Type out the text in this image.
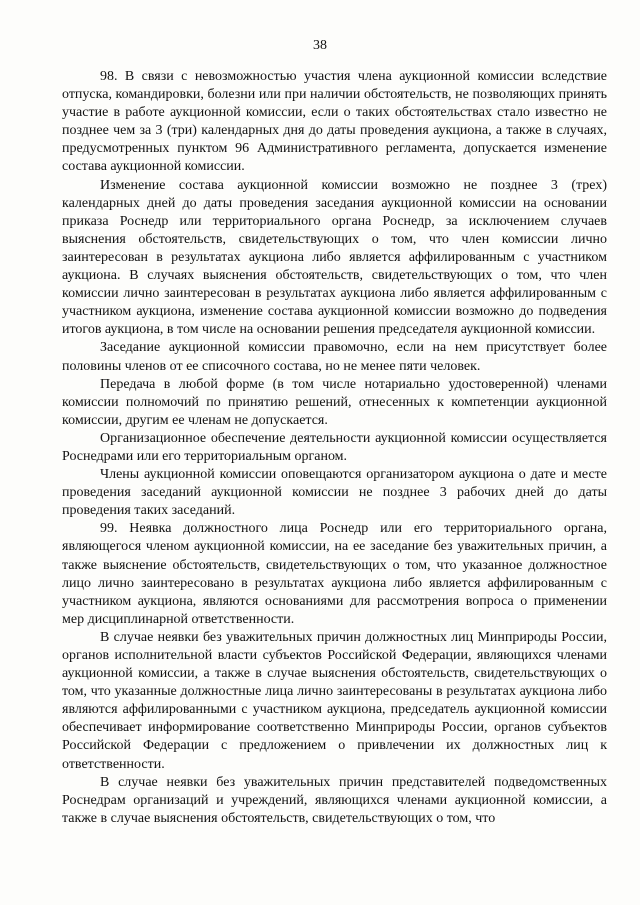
38

98. В связи с невозможностью участия члена аукционной комиссии вследствие отпуска, командировки, болезни или при наличии обстоятельств, не позволяющих принять участие в работе аукционной комиссии, если о таких обстоятельствах стало известно не позднее чем за 3 (три) календарных дня до даты проведения аукциона, а также в случаях, предусмотренных пунктом 96 Административного регламента, допускается изменение состава аукционной комиссии.

Изменение состава аукционной комиссии возможно не позднее 3 (трех) календарных дней до даты проведения заседания аукционной комиссии на основании приказа Роснедр или территориального органа Роснедр, за исключением случаев выяснения обстоятельств, свидетельствующих о том, что член комиссии лично заинтересован в результатах аукциона либо является аффилированным с участником аукциона. В случаях выяснения обстоятельств, свидетельствующих о том, что член комиссии лично заинтересован в результатах аукциона либо является аффилированным с участником аукциона, изменение состава аукционной комиссии возможно до подведения итогов аукциона, в том числе на основании решения председателя аукционной комиссии.

Заседание аукционной комиссии правомочно, если на нем присутствует более половины членов от ее списочного состава, но не менее пяти человек.

Передача в любой форме (в том числе нотариально удостоверенной) членами комиссии полномочий по принятию решений, отнесенных к компетенции аукционной комиссии, другим ее членам не допускается.

Организационное обеспечение деятельности аукционной комиссии осуществляется Роснедрами или его территориальным органом.

Члены аукционной комиссии оповещаются организатором аукциона о дате и месте проведения заседаний аукционной комиссии не позднее 3 рабочих дней до даты проведения таких заседаний.

99. Неявка должностного лица Роснедр или его территориального органа, являющегося членом аукционной комиссии, на ее заседание без уважительных причин, а также выяснение обстоятельств, свидетельствующих о том, что указанное должностное лицо лично заинтересовано в результатах аукциона либо является аффилированным с участником аукциона, являются основаниями для рассмотрения вопроса о применении мер дисциплинарной ответственности.

В случае неявки без уважительных причин должностных лиц Минприроды России, органов исполнительной власти субъектов Российской Федерации, являющихся членами аукционной комиссии, а также в случае выяснения обстоятельств, свидетельствующих о том, что указанные должностные лица лично заинтересованы в результатах аукциона либо являются аффилированными с участником аукциона, председатель аукционной комиссии обеспечивает информирование соответственно Минприроды России, органов субъектов Российской Федерации с предложением о привлечении их должностных лиц к ответственности.

В случае неявки без уважительных причин представителей подведомственных Роснедрам организаций и учреждений, являющихся членами аукционной комиссии, а также в случае выяснения обстоятельств, свидетельствующих о том, что
